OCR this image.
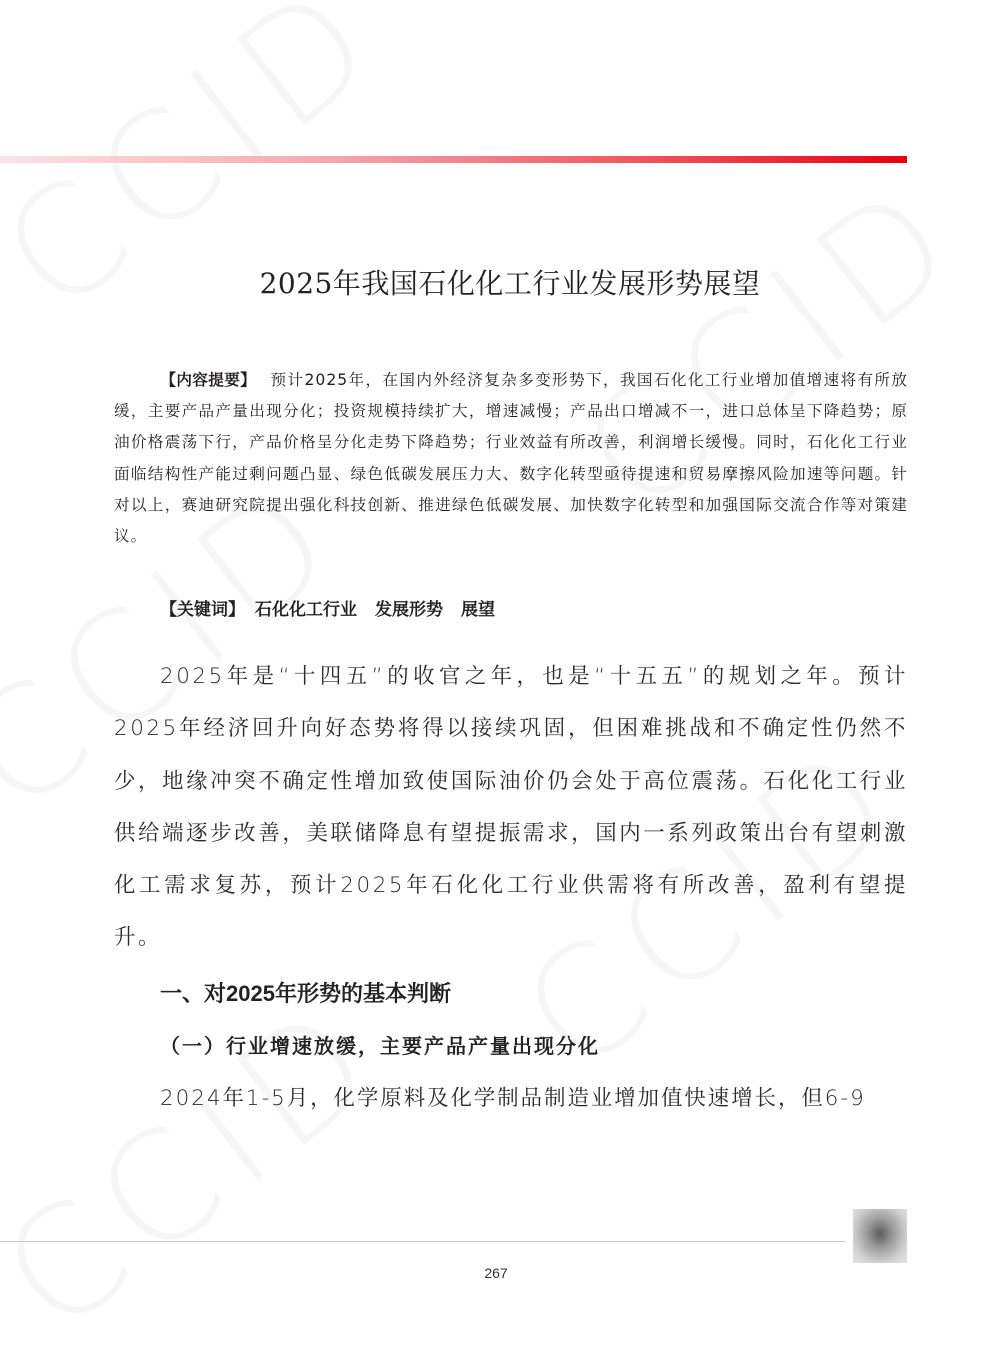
2025年我国石化化工行业发展形势展望
【内容提要】 预计2025年，在国内外经济复杂多变形势下，我国石化化工行业增加值增速将有所放缓，主要产品产量出现分化；投资规模持续扩大，增速减慢；产品出口增减不一，进口总体呈下降趋势；原油价格震荡下行，产品价格呈分化走势下降趋势；行业效益有所改善，利润增长缓慢。同时，石化化工行业面临结构性产能过剩问题凸显、绿色低碳发展压力大、数字化转型亟待提速和贸易摩擦风险加速等问题。针对以上，赛迪研究院提出强化科技创新、推进绿色低碳发展、加快数字化转型和加强国际交流合作等对策建议。
【关键词】 石化化工行业 发展形势 展望
2025年是“十四五”的收官之年，也是“十五五”的规划之年。预计2025年经济回升向好态势将得以接续巩固，但困难挑战和不确定性仍然不少，地缘冲突不确定性增加致使国际油价仍会处于高位震荡。石化化工行业供给端逐步改善，美联储降息有望提振需求，国内一系列政策出台有望刺激化工需求复苏，预计2025年石化化工行业供需将有所改善，盈利有望提升。
一、对2025年形势的基本判断
（一）行业增速放缓，主要产品产量出现分化
2024年1-5月，化学原料及化学制品制造业增加值快速增长，但6-9
267
